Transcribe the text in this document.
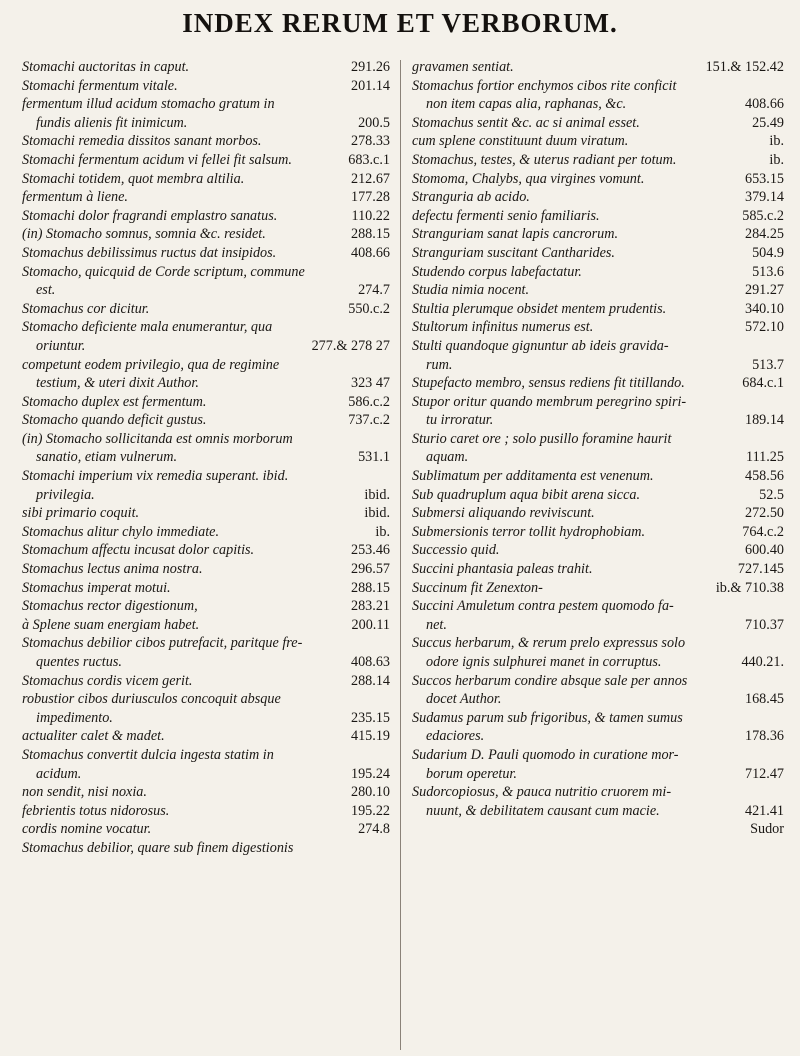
INDEX RERUM ET VERBORUM.
Stomachi auctoritas in caput.	291.26
Stomachi fermentum vitale.	201.14
fermentum illud acidum stomacho gratum in
fundis alienis fit inimicum.	200.5
Stomachi remedia dissitos sanant morbos.	278.33
Stomachi fermentum acidum vi fellei fit salsum.	683.c.1
Stomachi totidem, quot membra altilia.	212.67
fermentum à liene.	177.28
Stomachi dolor fragrandi emplastro sanatus.	110.22
(in) Stomacho somnus, somnia &c. residet.	288.15
Stomachus debilissimus ructus dat insipidos.	408.66
Stomacho, quicquid de Corde scriptum, commune
est.	274.7
Stomachus cor dicitur.	550.c.2
Stomacho deficiente mala enumerantur, qua
oriuntur.	277.& 278 27
competunt eodem privilegio, qua de regimine
testium, & uteri dixit Author.	323 47
Stomacho duplex est fermentum.	586.c.2
Stomacho quando deficit gustus.	737.c.2
(in) Stomacho sollicitanda est omnis morborum
sanatio, etiam vulnerum.	531.1
Stomachi imperium vix remedia superant. ibid.
privilegia.	ibid.
sibi primario coquit.	ibid.
Stomachus alitur chylo immediate.	ib.
Stomachum affectu incusat dolor capitis.	253.46
Stomachus lectus anima nostra.	296.57
Stomachus imperat motui.	288.15
Stomachus rector digestionum,	283.21
à Splene suam energiam habet.	200.11
Stomachus debilior cibos putrefacit, paritque fre-
quentes ructus.	408.63
Stomachus cordis vicem gerit.	288.14
robustior cibos duriusculos concoquit absque
impedimento.	235.15
actualiter calet & madet.	415.19
Stomachus convertit dulcia ingesta statim in
acidum.	195.24
non sendit, nisi noxia.	280.10
febrientis totus nidorosus.	195.22
cordis nomine vocatur.	274.8
Stomachus debilior, quare sub finem digestionis
gravamen sentiat.	151.& 152.42
Stomachus fortior enchymos cibos rite conficit
non item capas alia, raphanas, &c.	408.66
Stomachus sentit &c. ac si animal esset.	25.49
cum splene constituunt duum viratum.	ib.
Stomachus, testes, & uterus radiant per totum.	ib.
Stomoma, Chalybs, qua virgines vomunt.	653.15
Stranguria ab acido.	379.14
defectu fermenti senio familiaris.	585.c.2
Stranguriam sanat lapis cancrorum.	284.25
Stranguriam suscitant Cantharides.	504.9
Studendo corpus labefactatur.	513.6
Studia nimia nocent.	291.27
Stultia plerumque obsidet mentem prudentis.	340.10
Stultorum infinitus numerus est.	572.10
Stulti quandoque gignuntur ab ideis gravida-
rum.	513.7
Stupefacto membro, sensus rediens fit titillando.	684.c.1
Stupor oritur quando membrum peregrino spiri-
tu irroratur.	189.14
Sturio caret ore ; solo pusillo foramine haurit
aquam.	111.25
Sublimatum per additamenta est venenum.	458.56
Sub quadruplum aqua bibit arena sicca.	52.5
Submersi aliquando reviviscunt.	272.50
Submersionis terror tollit hydrophobiam.	764.c.2
Successio quid.	600.40
Succini phantasia paleas trahit.	727.145
Succinum fit Zenexton-	ib.& 710.38
Succini Amuletum contra pestem quomodo fa-
net.	710.37
Succus herbarum, & rerum prelo expressus solo
odore ignis sulphurei manet in corruptus.	440.21.
Succos herbarum condire absque sale per annos
docet Author.	168.45
Sudamus parum sub frigoribus, & tamen sumus
edaciores.	178.36
Sudarium D. Pauli quomodo in curatione mor-
borum operetur.	712.47
Sudorcopiosus, & pauca nutritio cruorem mi-
nuunt, & debilitatem causant cum macie.	421.41
Sudor
